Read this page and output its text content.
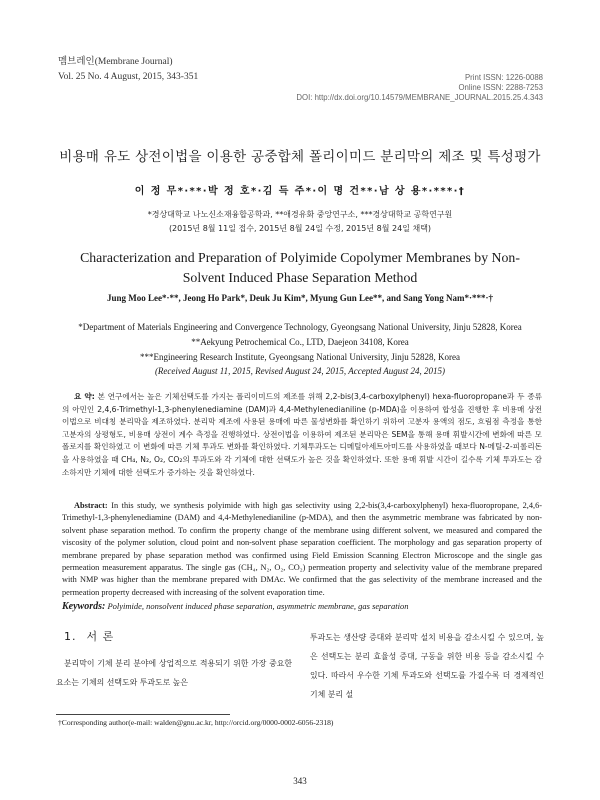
멤브레인(Membrane Journal)
Vol. 25 No. 4 August, 2015, 343-351	Print ISSN: 1226-0088
Online ISSN: 2288-7253
DOI: http://dx.doi.org/10.14579/MEMBRANE_JOURNAL.2015.25.4.343
비용매 유도 상전이법을 이용한 공중합체 폴리이미드 분리막의 제조 및 특성평가
이 정 무*·**·박 정 호*·김 득 주*·이 명 건**·남 상 용*·***·†
*경상대학교 나노신소재융합공학과, **애경유화 중앙연구소, ***경상대학교 공학연구원
(2015년 8월 11일 접수, 2015년 8월 24일 수정, 2015년 8월 24일 채택)
Characterization and Preparation of Polyimide Copolymer Membranes by Non-Solvent Induced Phase Separation Method
Jung Moo Lee*·**, Jeong Ho Park*, Deuk Ju Kim*, Myung Gun Lee**, and Sang Yong Nam*·***·†
*Department of Materials Engineering and Convergence Technology, Gyeongsang National University, Jinju 52828, Korea
**Aekyung Petrochemical Co., LTD, Daejeon 34108, Korea
***Engineering Research Institute, Gyeongsang National University, Jinju 52828, Korea
(Received August 11, 2015, Revised August 24, 2015, Accepted August 24, 2015)
요 약: 본 연구에서는 높은 기체선택도를 가지는 폴리이미드의 제조를 위해 2,2-bis(3,4-carboxylphenyl) hexa-fluoropropane과 두 종류의 아민인 2,4,6-Trimethyl-1,3-phenylenediamine (DAM)과 4,4-Methylenedianiline (p-MDA)을 이용하여 합성을 진행한 후 비용매 상전이법으로 비대칭 분리막을 제조하였다. 분리막 제조에 사용된 용매에 따른 물성변화를 확인하기 위하여 고분자 용액의 점도, 흐림점 측정을 통한 고분자의 상평형도, 비용매 상전이 계수 측정을 진행하였다. 상전이법을 이용하여 제조된 분리막은 SEM을 통해 용매 휘발시간에 변화에 따른 모폴로지를 확인하였고 이 변화에 따른 기체 투과도 변화를 확인하였다. 기체투과도는 디메틸아세트아미드를 사용하였을 때보다 N-메틸-2-피롤리돈을 사용하였을 때 CH₄, N₂, O₂, CO₂의 투과도와 각 기체에 대한 선택도가 높은 것을 확인하였다. 또한 용매 휘발 시간이 길수록 기체 투과도는 감소하지만 기체에 대한 선택도가 증가하는 것을 확인하였다.
Abstract: In this study, we synthesis polyimide with high gas selectivity using 2,2-bis(3,4-carboxylphenyl) hexa-fluoropropane, 2,4,6-Trimethyl-1,3-phenylenediamine (DAM) and 4,4-Methylenedianiline (p-MDA), and then the asymmetric membrane was fabricated by non-solvent phase separation method. To confirm the property change of the membrane using different solvent, we measured and compared the viscosity of the polymer solution, cloud point and non-solvent phase separation coefficient. The morphology and gas separation property of membrane prepared by phase separation method was confirmed using Field Emission Scanning Electron Microscope and the single gas permeation measurement apparatus. The single gas (CH₄, N₂, O₂, CO₂) permeation property and selectivity value of the membrane prepared with NMP was higher than the membrane prepared with DMAc. We confirmed that the gas selectivity of the membrane increased and the permeation property decreased with increasing of the solvent evaporation time.
Keywords: Polyimide, nonsolvent induced phase separation, asymmetric membrane, gas separation
1. 서 론

분리막이 기체 분리 분야에 상업적으로 적용되기 위한 가장 중요한 요소는 기체의 선택도와 투과도로 높은

투과도는 생산량 증대와 분리막 설치 비용을 감소시킬 수 있으며, 높은 선택도는 분리 효율성 증대, 구동을 위한 비용 등을 감소시킬 수 있다. 따라서 우수한 기체 투과도와 선택도를 가질수록 더 경제적인 기체 분리 설

†Corresponding author(e-mail: walden@gnu.ac.kr, http://orcid.org/0000-0002-6056-2318)
343
